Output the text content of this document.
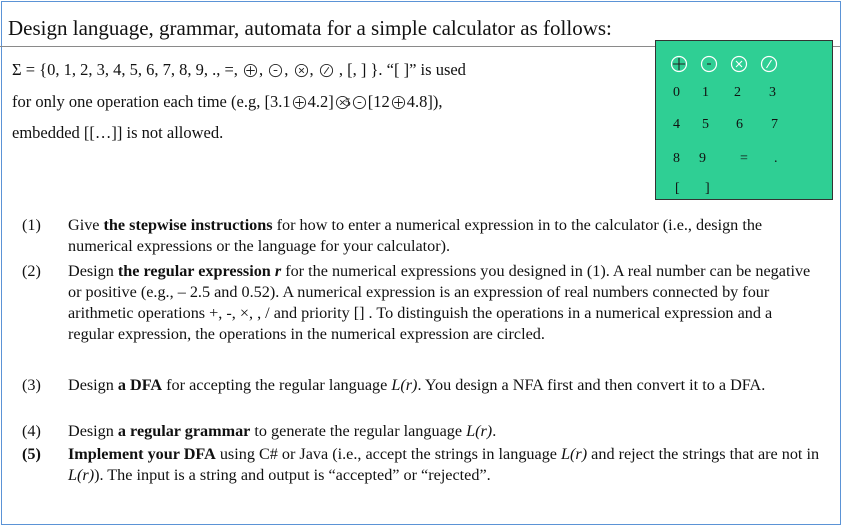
Design language, grammar, automata for a simple calculator as follows:
Σ = {0, 1, 2, 3, 4, 5, 6, 7, 8, 9, ., =, , , , , [, ] }. “[ ]” is used
for only one operation each time (e.g, [3.1 4.2] 5 [12 4.8]),
embedded [[…]] is not allowed.
0 1 2 3
4 5 6 7
8 9 = .
[ ]
(1) Give the stepwise instructions for how to enter a numerical expression in to the calculator (i.e., design the numerical expressions or the language for your calculator).
(2) Design the regular expression r for the numerical expressions you designed in (1). A real number can be negative or positive (e.g., – 2.5 and 0.52). A numerical expression is an expression of real numbers connected by four arithmetic operations +, -, ×, , / and priority [] . To distinguish the operations in a numerical expression and a regular expression, the operations in the numerical expression are circled.
(3) Design a DFA for accepting the regular language L(r). You design a NFA first and then convert it to a DFA.
(4) Design a regular grammar to generate the regular language L(r).
(5) Implement your DFA using C# or Java (i.e., accept the strings in language L(r) and reject the strings that are not in L(r)). The input is a string and output is “accepted” or “rejected”.
